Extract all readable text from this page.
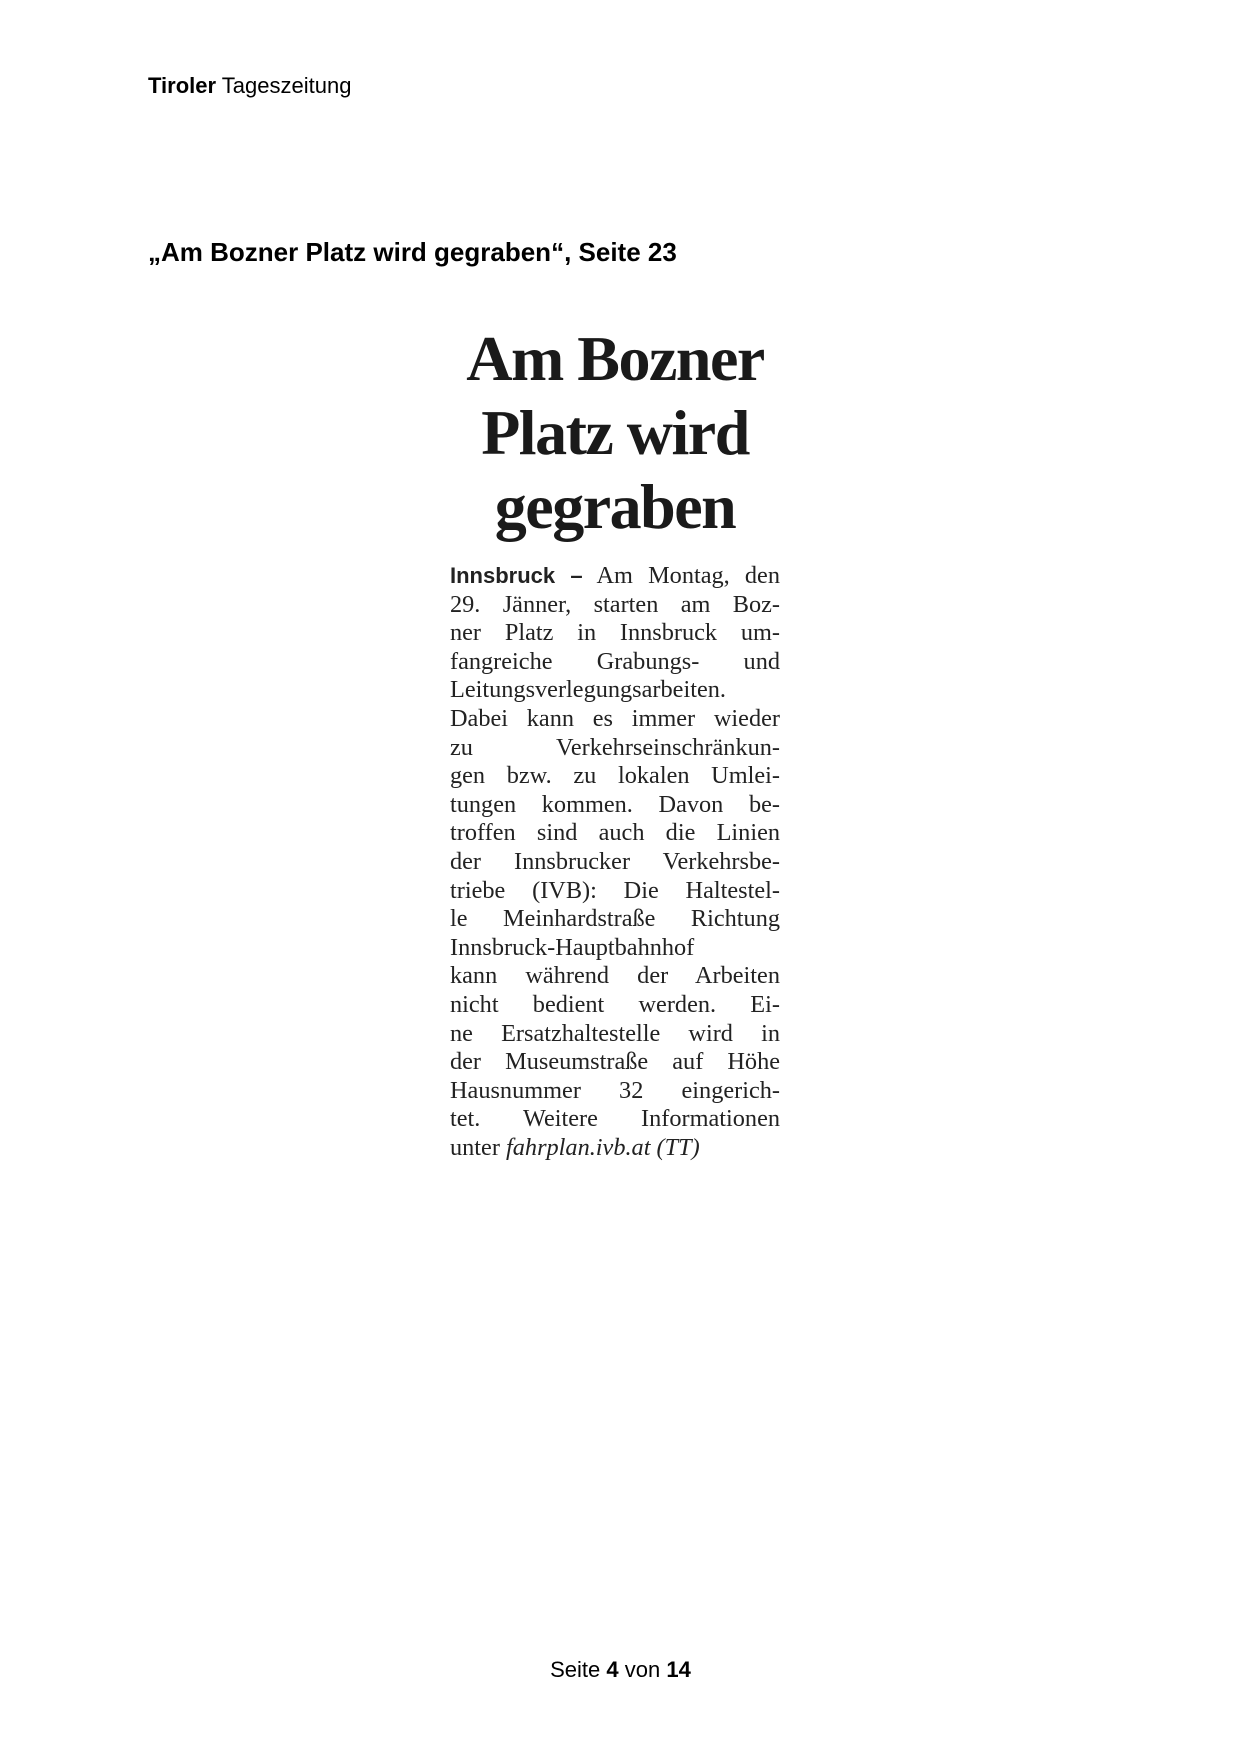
Tiroler Tageszeitung
„Am Bozner Platz wird gegraben“, Seite 23
Am Bozner
Platz wird
gegraben
Innsbruck – Am Montag, den
29. Jänner, starten am Boz-
ner Platz in Innsbruck um-
fangreiche Grabungs- und
Leitungsverlegungsarbeiten.
Dabei kann es immer wieder
zu Verkehrseinschränkun-
gen bzw. zu lokalen Umlei-
tungen kommen. Davon be-
troffen sind auch die Linien
der Innsbrucker Verkehrsbe-
triebe (IVB): Die Haltestel-
le Meinhardstraße Richtung
Innsbruck-Hauptbahnhof
kann während der Arbeiten
nicht bedient werden. Ei-
ne Ersatzhaltestelle wird in
der Museumstraße auf Höhe
Hausnummer 32 eingerich-
tet. Weitere Informationen
unter fahrplan.ivb.at (TT)
Seite 4 von 14
